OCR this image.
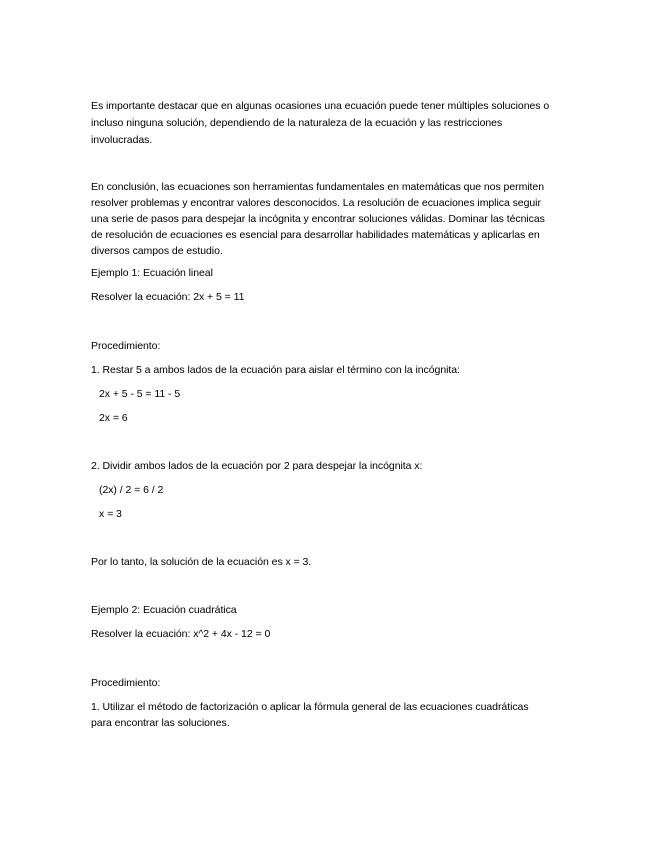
Es importante destacar que en algunas ocasiones una ecuación puede tener múltiples soluciones o
incluso ninguna solución, dependiendo de la naturaleza de la ecuación y las restricciones
involucradas.
En conclusión, las ecuaciones son herramientas fundamentales en matemáticas que nos permiten
resolver problemas y encontrar valores desconocidos. La resolución de ecuaciones implica seguir
una serie de pasos para despejar la incógnita y encontrar soluciones válidas. Dominar las técnicas
de resolución de ecuaciones es esencial para desarrollar habilidades matemáticas y aplicarlas en
diversos campos de estudio.
Ejemplo 1: Ecuación lineal
Resolver la ecuación: 2x + 5 = 11
Procedimiento:
1. Restar 5 a ambos lados de la ecuación para aislar el término con la incógnita:
2x + 5 - 5 = 11 - 5
2x = 6
2. Dividir ambos lados de la ecuación por 2 para despejar la incógnita x:
(2x) / 2 = 6 / 2
x = 3
Por lo tanto, la solución de la ecuación es x = 3.
Ejemplo 2: Ecuación cuadrática
Resolver la ecuación: x^2 + 4x - 12 = 0
Procedimiento:
1. Utilizar el método de factorización o aplicar la fórmula general de las ecuaciones cuadráticas
para encontrar las soluciones.
